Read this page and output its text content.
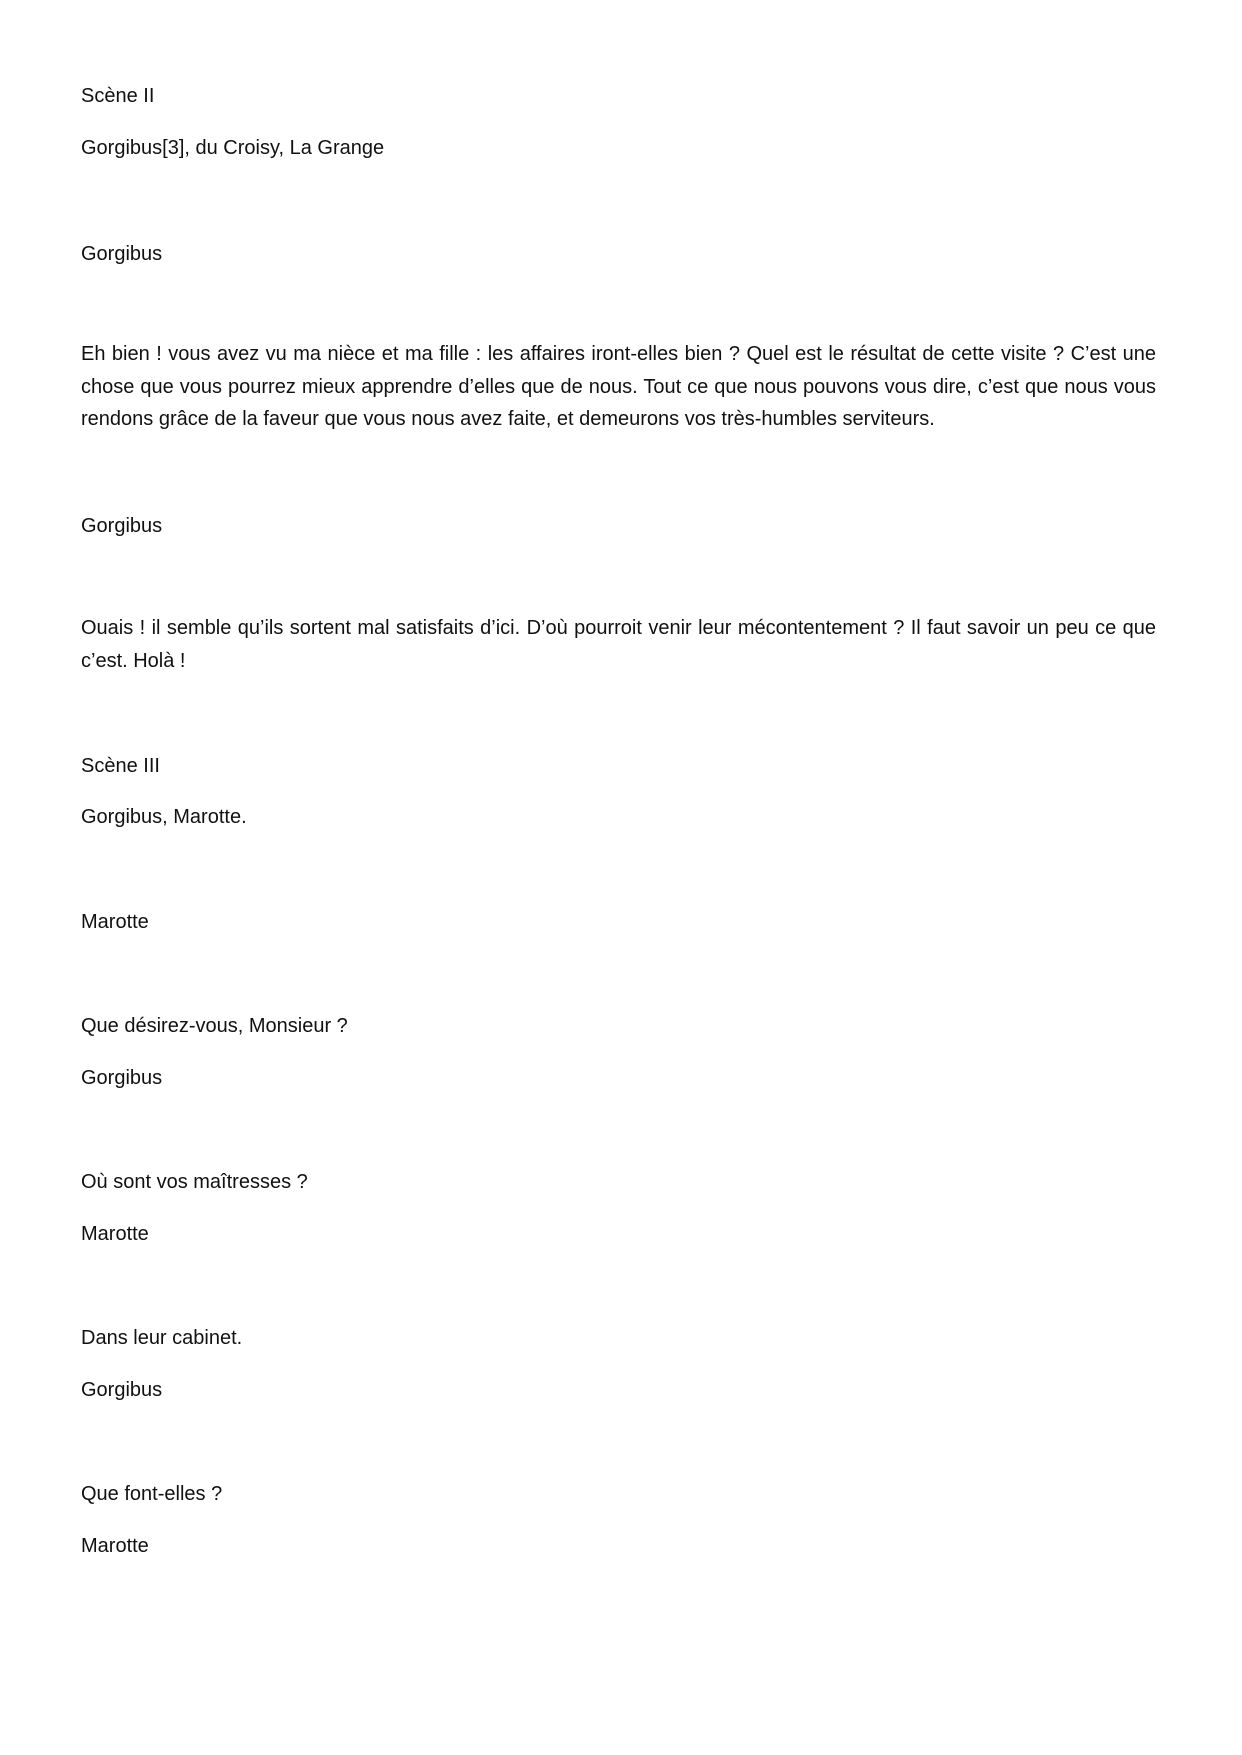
Scène II
Gorgibus[3], du Croisy, La Grange
Gorgibus
Eh bien ! vous avez vu ma nièce et ma fille : les affaires iront-elles bien ? Quel est le résultat de cette visite ? C’est une chose que vous pourrez mieux apprendre d’elles que de nous. Tout ce que nous pouvons vous dire, c’est que nous vous rendons grâce de la faveur que vous nous avez faite, et demeurons vos très-humbles serviteurs.
Gorgibus
Ouais ! il semble qu’ils sortent mal satisfaits d’ici. D’où pourroit venir leur mécontentement ? Il faut savoir un peu ce que c’est. Holà !
Scène III
Gorgibus, Marotte.
Marotte
Que désirez-vous, Monsieur ?
Gorgibus
Où sont vos maîtresses ?
Marotte
Dans leur cabinet.
Gorgibus
Que font-elles ?
Marotte
